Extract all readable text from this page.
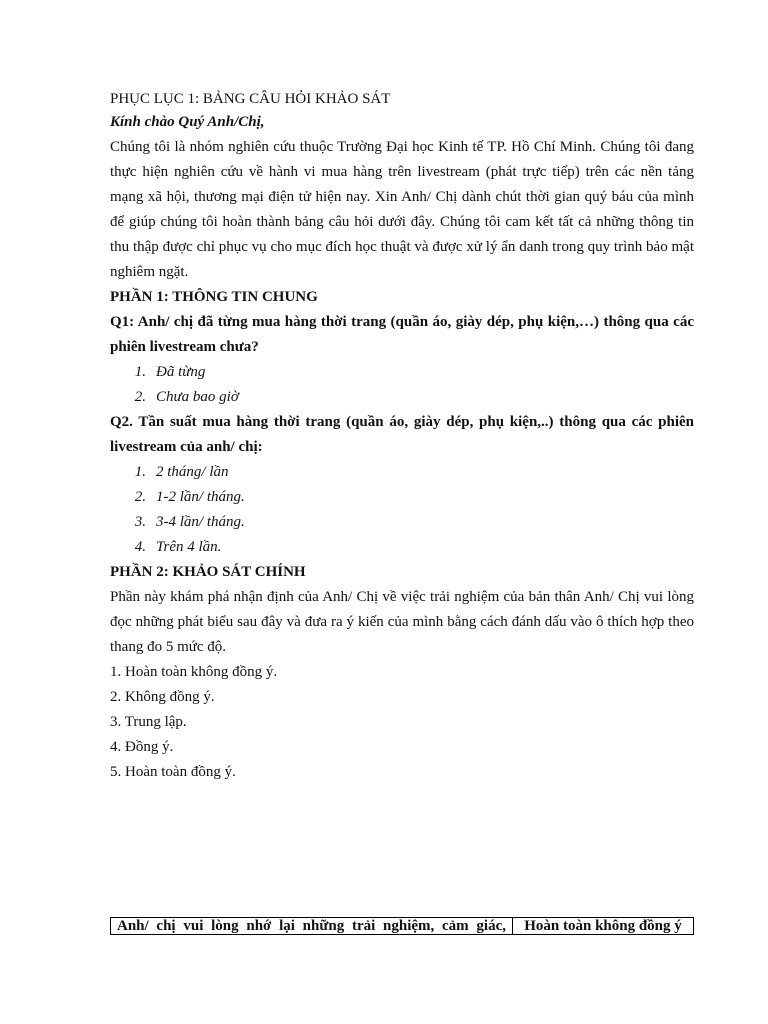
PHỤC LỤC 1: BẢNG CÂU HỎI KHẢO SÁT
Kính chào Quý Anh/Chị,
Chúng tôi là nhóm nghiên cứu thuộc Trường Đại học Kinh tế TP. Hồ Chí Minh. Chúng tôi đang thực hiện nghiên cứu về hành vi mua hàng trên livestream (phát trực tiếp) trên các nền tảng mạng xã hội, thương mại điện tử hiện nay. Xin Anh/ Chị dành chút thời gian quý báu của mình để giúp chúng tôi hoàn thành bảng câu hỏi dưới đây. Chúng tôi cam kết tất cả những thông tin thu thập được chỉ phục vụ cho mục đích học thuật và được xử lý ẩn danh trong quy trình bảo mật nghiêm ngặt.
PHẦN 1: THÔNG TIN CHUNG
Q1: Anh/ chị đã từng mua hàng thời trang (quần áo, giày dép, phụ kiện,…) thông qua các phiên livestream chưa?
1. Đã từng
2. Chưa bao giờ
Q2. Tần suất mua hàng thời trang (quần áo, giày dép, phụ kiện,..) thông qua các phiên livestream của anh/ chị:
1. 2 tháng/ lần
2. 1-2 lần/ tháng.
3. 3-4 lần/ tháng.
4. Trên 4 lần.
PHẦN 2: KHẢO SÁT CHÍNH
Phần này khám phá nhận định của Anh/ Chị về việc trải nghiệm của bản thân Anh/ Chị vui lòng đọc những phát biểu sau đây và đưa ra ý kiến của mình bằng cách đánh dấu vào ô thích hợp theo thang đo 5 mức độ.
1. Hoàn toàn không đồng ý.
2. Không đồng ý.
3. Trung lập.
4. Đồng ý.
5. Hoàn toàn đồng ý.
Anh/ chị vui lòng nhớ lại những trải nghiệm, cảm giác,	Hoàn toàn không đồng ý
